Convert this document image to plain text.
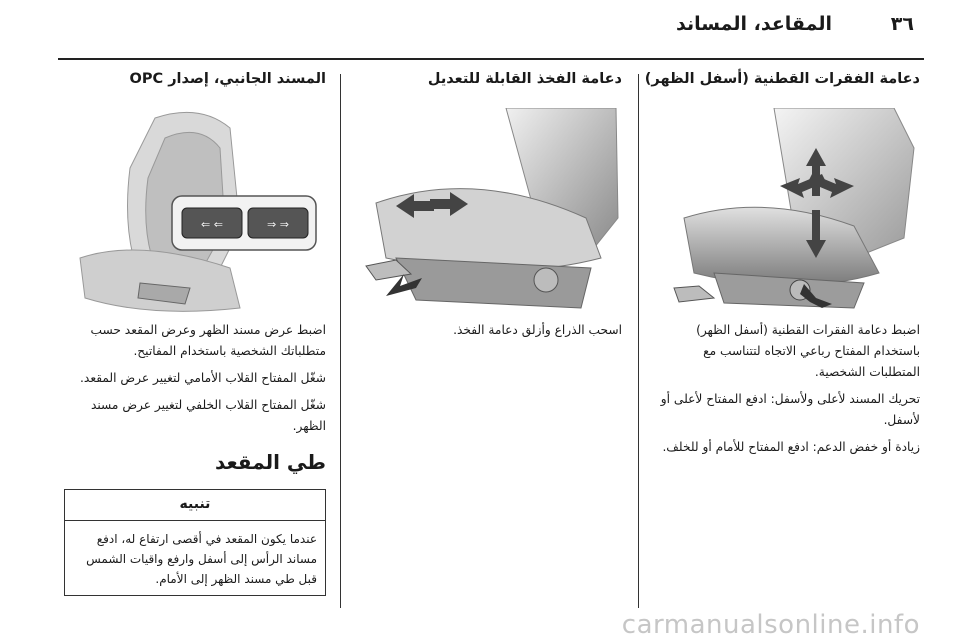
٣٦
المقاعد، المساند
دعامة الفقرات القطنية (أسفل الظهر)

اضبط دعامة الفقرات القطنية (أسفل الظهر) باستخدام المفتاح رباعي الاتجاه لتتناسب مع المتطلبات الشخصية.

تحريك المسند لأعلى ولأسفل: ادفع المفتاح لأعلى أو لأسفل.

زيادة أو خفض الدعم: ادفع المفتاح للأمام أو للخلف.

دعامة الفخذ القابلة للتعديل

اسحب الذراع وأزلق دعامة الفخذ.

المسند الجانبي، إصدار OPC
⇐ ⇐	⇒ ⇒

اضبط عرض مسند الظهر وعرض المقعد حسب متطلباتك الشخصية باستخدام المفاتيح.

شغّل المفتاح القلاب الأمامي لتغيير عرض المقعد.

شغّل المفتاح القلاب الخلفي لتغيير عرض مسند الظهر.

طي المقعد
تنبيه
عندما يكون المقعد في أقصى ارتفاع له، ادفع مساند الرأس إلى أسفل وارفع واقيات الشمس قبل طي مسند الظهر إلى الأمام.
carmanualsonline.info
